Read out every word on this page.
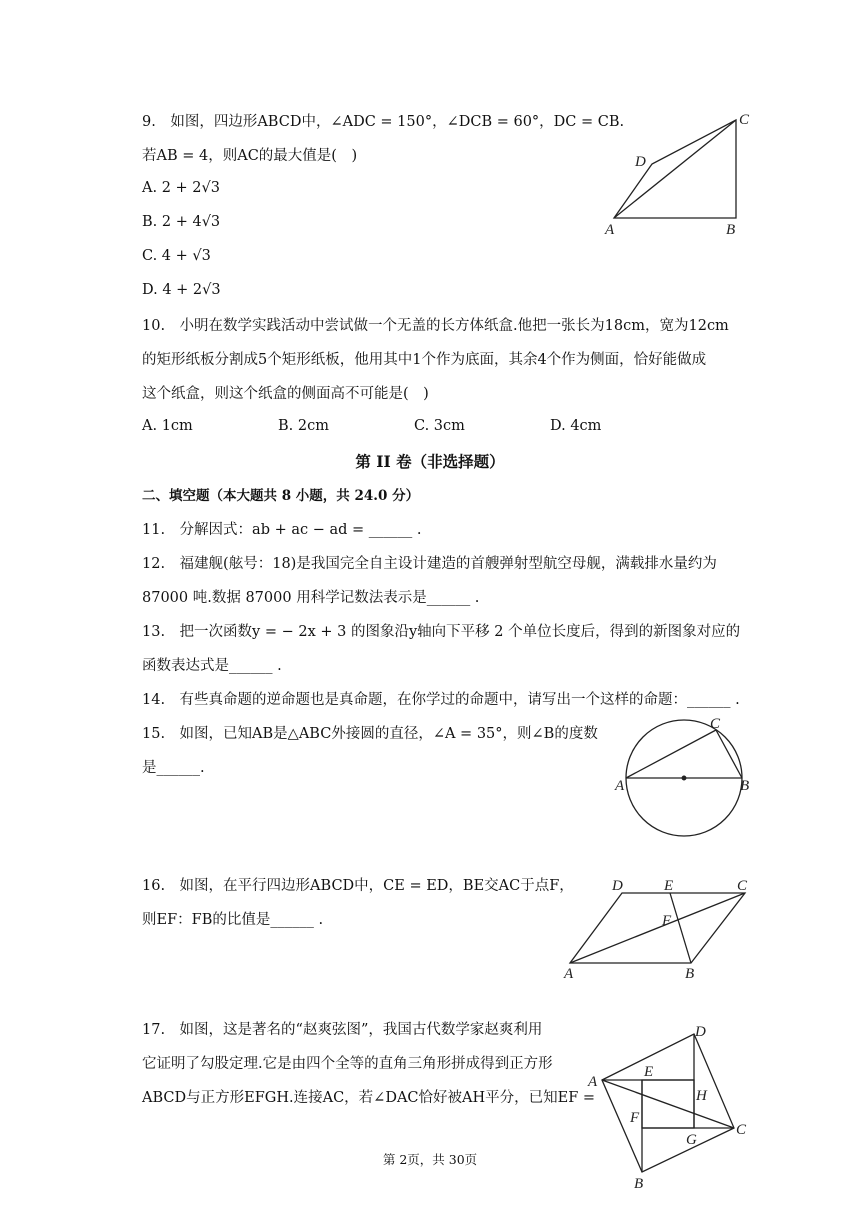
9.　如图，四边形ABCD中，∠ADC = 150°，∠DCB = 60°，DC = CB.
若AB = 4，则AC的最大值是(　)
A. 2 + 2√3
B. 2 + 4√3
C. 4 + √3
D. 4 + 2√3
A	B
C
D
10.　小明在数学实践活动中尝试做一个无盖的长方体纸盒.他把一张长为18cm，宽为12cm
的矩形纸板分割成5个矩形纸板，他用其中1个作为底面，其余4个作为侧面，恰好能做成
这个纸盒，则这个纸盒的侧面高不可能是(　)
A. 1cm	B. 2cm	C. 3cm	D. 4cm
第 II 卷（非选择题）
二、填空题（本大题共 8 小题，共 24.0 分）
11.　分解因式：ab + ac − ad = ______ .
12.　福建舰(舷号：18)是我国完全自主设计建造的首艘弹射型航空母舰，满载排水量约为
87000 吨.数据 87000 用科学记数法表示是______ .
13.　把一次函数y = − 2x + 3 的图象沿y轴向下平移 2 个单位长度后，得到的新图象对应的
函数表达式是______ .
14.　有些真命题的逆命题也是真命题，在你学过的命题中，请写出一个这样的命题：______ .
15.　如图，已知AB是△ABC外接圆的直径，∠A = 35°，则∠B的度数
是______.
A	B
C
16.　如图，在平行四边形ABCD中，CE = ED，BE交AC于点F，
则EF：FB的比值是______ .
A	B
C
D	E
F
17.　如图，这是著名的“赵爽弦图”，我国古代数学家赵爽利用
它证明了勾股定理.它是由四个全等的直角三角形拼成得到正方形
ABCD与正方形EFGH.连接AC，若∠DAC恰好被AH平分，已知EF =
A
B
C
D
E
F
G
H
第 2页，共 30页
